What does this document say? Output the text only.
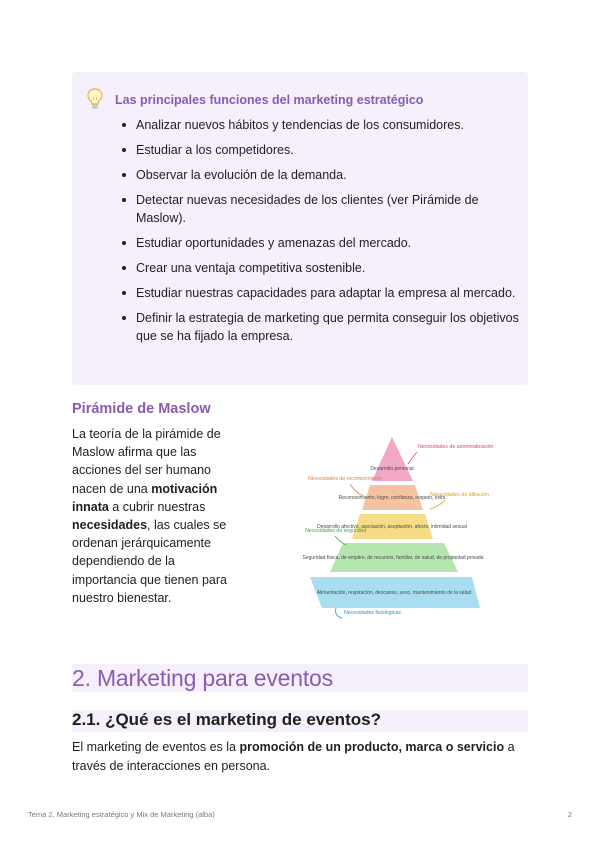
Las principales funciones del marketing estratégico
Analizar nuevos hábitos y tendencias de los consumidores.
Estudiar a los competidores.
Observar la evolución de la demanda.
Detectar nuevas necesidades de los clientes (ver Pirámide de Maslow).
Estudiar oportunidades y amenazas del mercado.
Crear una ventaja competitiva sostenible.
Estudiar nuestras capacidades para adaptar la empresa al mercado.
Definir la estrategia de marketing que permita conseguir los objetivos que se ha fijado la empresa.
Pirámide de Maslow

La teoría de la pirámide de Maslow afirma que las acciones del ser humano nacen de una motivación innata a cubrir nuestras necesidades, las cuales se ordenan jerárquicamente dependiendo de la importancia que tienen para nuestro bienestar.

Desarrollo personal
Reconocimiento, logro, confianza, respeto, éxito
Desarrollo afectivo, asociación, aceptación, afecto, intimidad sexual
Seguridad física, de empleo, de recursos, familiar, de salud, de propiedad privada
Alimentación, respiración, descanso, sexo, mantenimiento de la salud
Necesidades de autorrealización
Necesidades de reconocimiento
Necesidades de afiliación
Necesidades de seguridad
Necesidades fisiológicas
2. Marketing para eventos
2.1. ¿Qué es el marketing de eventos?

El marketing de eventos es la promoción de un producto, marca o servicio a través de interacciones en persona.

Tema 2. Marketing estratégico y Mix de Marketing (alba)	2
